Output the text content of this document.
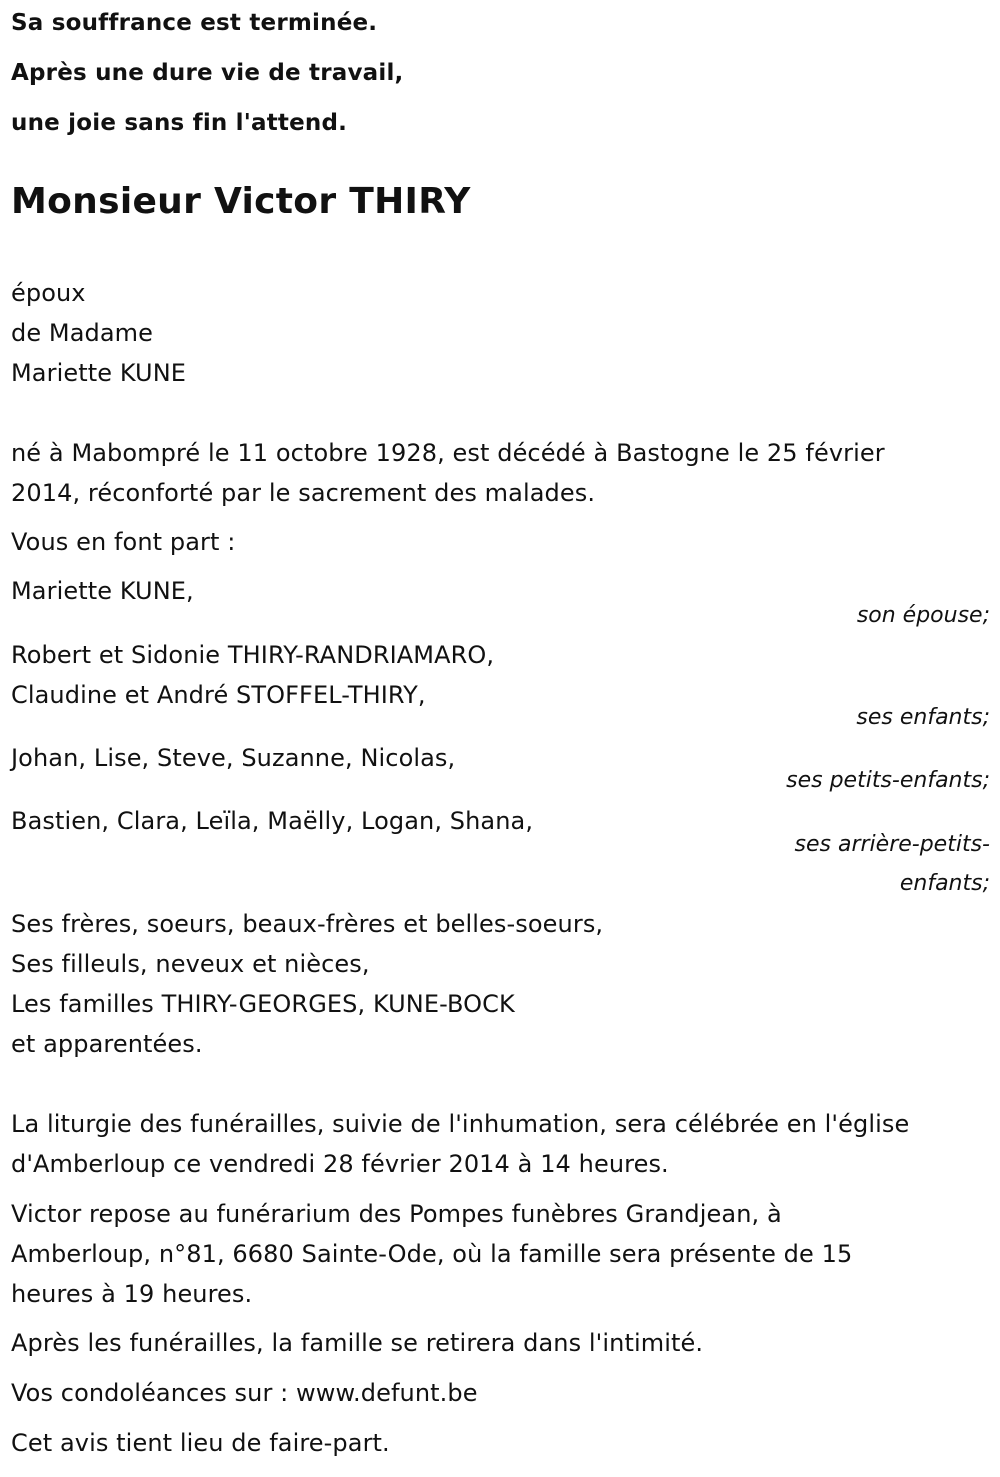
Sa souffrance est terminée.
Après une dure vie de travail,
une joie sans fin l'attend.
Monsieur Victor THIRY
époux
de Madame
Mariette KUNE
né à Mabompré le 11 octobre 1928, est décédé à Bastogne le 25 février
2014, réconforté par le sacrement des malades.
Vous en font part :
Mariette KUNE,
son épouse;
Robert et Sidonie THIRY-RANDRIAMARO,
Claudine et André STOFFEL-THIRY,
ses enfants;
Johan, Lise, Steve, Suzanne, Nicolas,
ses petits-enfants;
Bastien, Clara, Leïla, Maëlly, Logan, Shana,
ses arrière-petits-
enfants;
Ses frères, soeurs, beaux-frères et belles-soeurs,
Ses filleuls, neveux et nièces,
Les familles THIRY-GEORGES, KUNE-BOCK
et apparentées.
La liturgie des funérailles, suivie de l'inhumation, sera célébrée en l'église
d'Amberloup ce vendredi 28 février 2014 à 14 heures.
Victor repose au funérarium des Pompes funèbres Grandjean, à
Amberloup, n°81, 6680 Sainte-Ode, où la famille sera présente de 15
heures à 19 heures.
Après les funérailles, la famille se retirera dans l'intimité.
Vos condoléances sur : www.defunt.be
Cet avis tient lieu de faire-part.
